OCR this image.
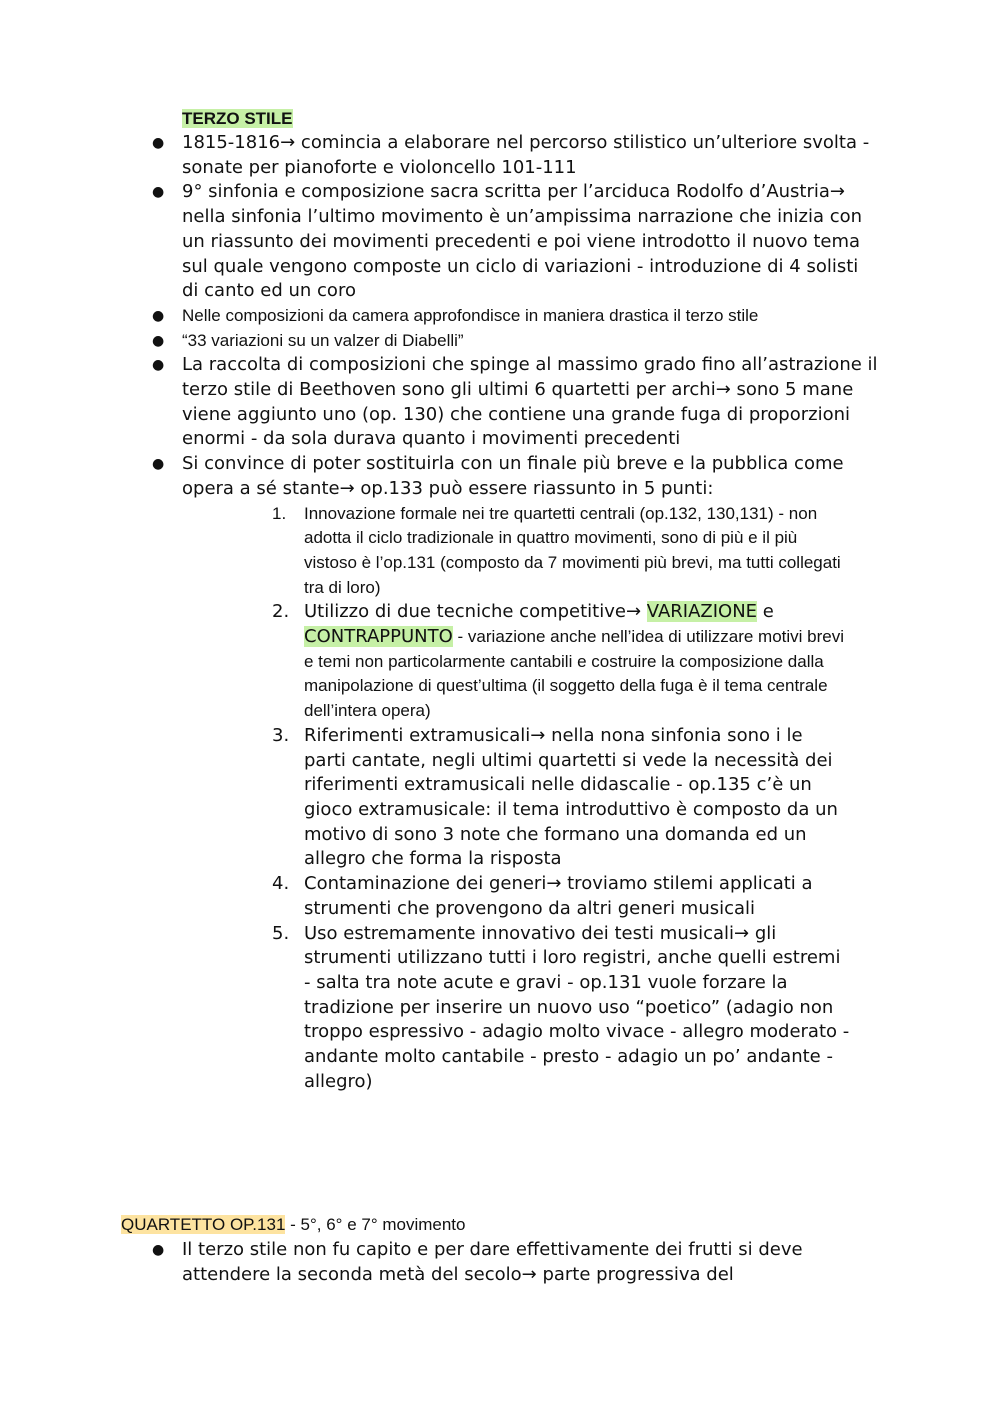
TERZO STILE
● 1815-1816→ comincia a elaborare nel percorso stilistico un’ulteriore svolta - sonate per pianoforte e violoncello 101-111
● 9° sinfonia e composizione sacra scritta per l’arciduca Rodolfo d’Austria→ nella sinfonia l’ultimo movimento è un’ampissima narrazione che inizia con un riassunto dei movimenti precedenti e poi viene introdotto il nuovo tema sul quale vengono composte un ciclo di variazioni - introduzione di 4 solisti di canto ed un coro
● Nelle composizioni da camera approfondisce in maniera drastica il terzo stile
● “33 variazioni su un valzer di Diabelli”
● La raccolta di composizioni che spinge al massimo grado fino all’astrazione il terzo stile di Beethoven sono gli ultimi 6 quartetti per archi→ sono 5 mane viene aggiunto uno (op. 130) che contiene una grande fuga di proporzioni enormi - da sola durava quanto i movimenti precedenti
● Si convince di poter sostituirla con un finale più breve e la pubblica come opera a sé stante→ op.133 può essere riassunto in 5 punti:
1. Innovazione formale nei tre quartetti centrali (op.132, 130,131) - non adotta il ciclo tradizionale in quattro movimenti, sono di più e il più vistoso è l’op.131 (composto da 7 movimenti più brevi, ma tutti collegati tra di loro)
2. Utilizzo di due tecniche competitive→ VARIAZIONE e CONTRAPPUNTO - variazione anche nell’idea di utilizzare motivi brevi e temi non particolarmente cantabili e costruire la composizione dalla manipolazione di quest’ultima (il soggetto della fuga è il tema centrale dell’intera opera)
3. Riferimenti extramusicali→ nella nona sinfonia sono i le parti cantate, negli ultimi quartetti si vede la necessità dei riferimenti extramusicali nelle didascalie - op.135 c’è un gioco extramusicale: il tema introduttivo è composto da un motivo di sono 3 note che formano una domanda ed un allegro che forma la risposta
4. Contaminazione dei generi→ troviamo stilemi applicati a strumenti che provengono da altri generi musicali
5. Uso estremamente innovativo dei testi musicali→ gli strumenti utilizzano tutti i loro registri, anche quelli estremi - salta tra note acute e gravi - op.131 vuole forzare la tradizione per inserire un nuovo uso “poetico” (adagio non troppo espressivo - adagio molto vivace - allegro moderato - andante molto cantabile - presto - adagio un po’ andante - allegro)
QUARTETTO OP.131 - 5°, 6° e 7° movimento
● Il terzo stile non fu capito e per dare effettivamente dei frutti si deve attendere la seconda metà del secolo→ parte progressiva del
